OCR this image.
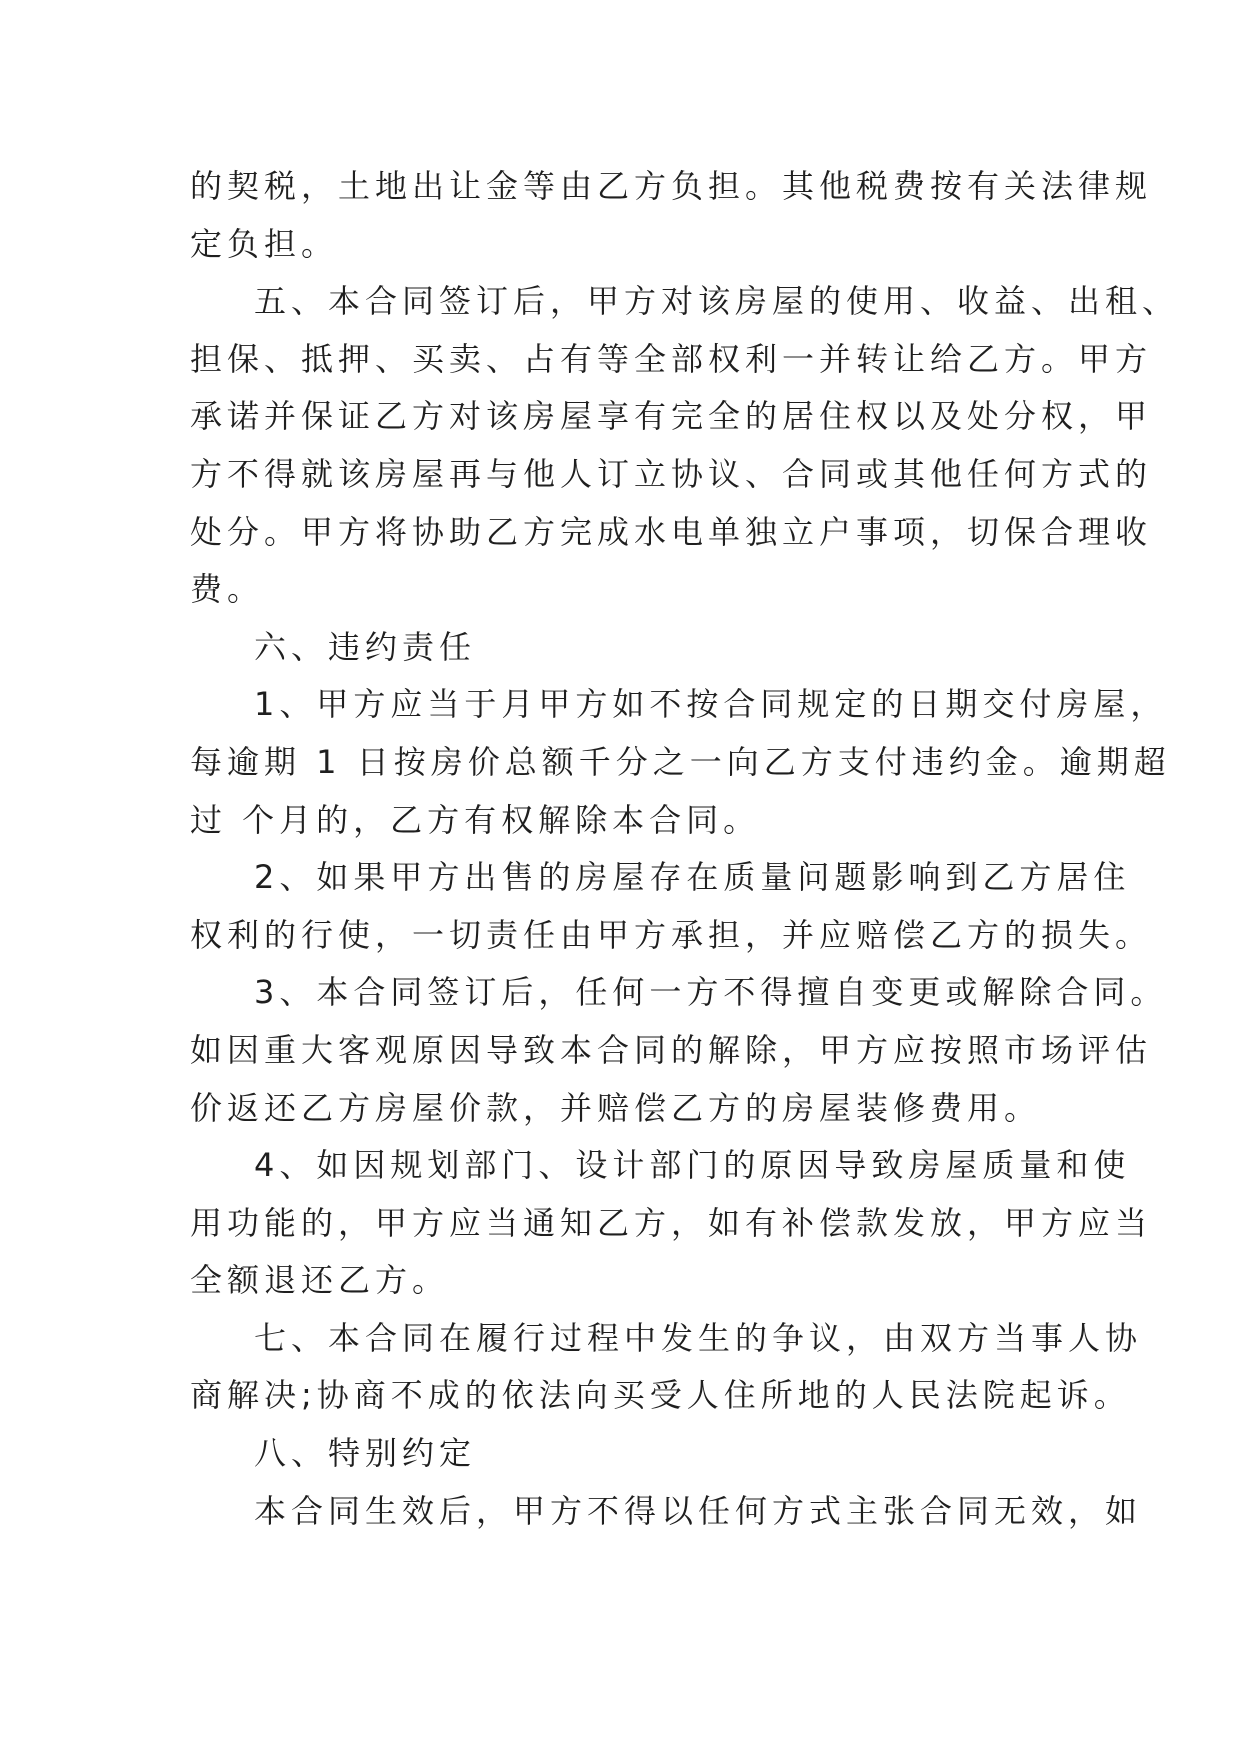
的契税，土地出让金等由乙方负担。其他税费按有关法律规
定负担。
五、本合同签订后，甲方对该房屋的使用、收益、出租、
担保、抵押、买卖、占有等全部权利一并转让给乙方。甲方
承诺并保证乙方对该房屋享有完全的居住权以及处分权，甲
方不得就该房屋再与他人订立协议、合同或其他任何方式的
处分。甲方将协助乙方完成水电单独立户事项，切保合理收
费。
六、违约责任
1、甲方应当于月甲方如不按合同规定的日期交付房屋，
每逾期 1 日按房价总额千分之一向乙方支付违约金。逾期超
过 个月的，乙方有权解除本合同。
2、如果甲方出售的房屋存在质量问题影响到乙方居住
权利的行使，一切责任由甲方承担，并应赔偿乙方的损失。
3、本合同签订后，任何一方不得擅自变更或解除合同。
如因重大客观原因导致本合同的解除，甲方应按照市场评估
价返还乙方房屋价款，并赔偿乙方的房屋装修费用。
4、如因规划部门、设计部门的原因导致房屋质量和使
用功能的，甲方应当通知乙方，如有补偿款发放，甲方应当
全额退还乙方。
七、本合同在履行过程中发生的争议，由双方当事人协
商解决;协商不成的依法向买受人住所地的人民法院起诉。
八、特别约定
本合同生效后，甲方不得以任何方式主张合同无效，如
